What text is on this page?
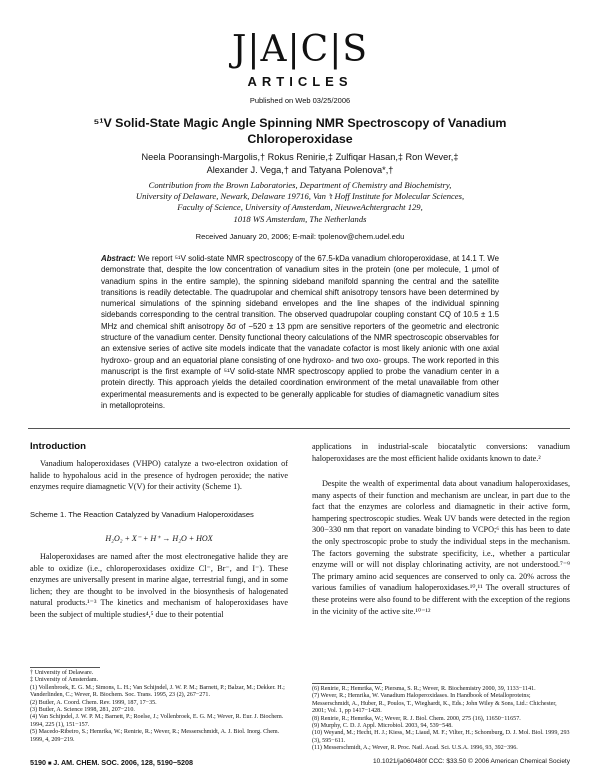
J|A|C|S
ARTICLES
Published on Web 03/25/2006
⁵¹V Solid-State Magic Angle Spinning NMR Spectroscopy of Vanadium Chloroperoxidase
Neela Pooransingh-Margolis,† Rokus Renirie,‡ Zulfiqar Hasan,‡ Ron Wever,‡
Alexander J. Vega,† and Tatyana Polenova*,†
Contribution from the Brown Laboratories, Department of Chemistry and Biochemistry,
University of Delaware, Newark, Delaware 19716, Van ’t Hoff Institute for Molecular Sciences,
Faculty of Science, University of Amsterdam, NieuweAchtergracht 129,
1018 WS Amsterdam, The Netherlands
Received January 20, 2006; E-mail: tpolenov@chem.udel.edu
Abstract: We report ⁵¹V solid-state NMR spectroscopy of the 67.5-kDa vanadium chloroperoxidase, at 14.1 T. We demonstrate that, despite the low concentration of vanadium sites in the protein (one per molecule, 1 μmol of vanadium spins in the entire sample), the spinning sideband manifold spanning the central and the satellite transitions is readily detectable. The quadrupolar and chemical shift anisotropy tensors have been determined by numerical simulations of the spinning sideband envelopes and the line shapes of the individual spinning sidebands corresponding to the central transition. The observed quadrupolar coupling constant CQ of 10.5 ± 1.5 MHz and chemical shift anisotropy δσ of −520 ± 13 ppm are sensitive reporters of the geometric and electronic structure of the vanadium center. Density functional theory calculations of the NMR spectroscopic observables for an extensive series of active site models indicate that the vanadate cofactor is most likely anionic with one axial hydroxo- group and an equatorial plane consisting of one hydroxo- and two oxo- groups. The work reported in this manuscript is the first example of ⁵¹V solid-state NMR spectroscopy applied to probe the vanadium center in a protein directly. This approach yields the detailed coordination environment of the metal unavailable from other experimental measurements and is expected to be generally applicable for studies of diamagnetic vanadium sites in metalloproteins.
Introduction
Vanadium haloperoxidases (VHPO) catalyze a two-electron oxidation of halide to hypohalous acid in the presence of hydrogen peroxide; the native enzymes require diamagnetic V(V) for their activity (Scheme 1).
Scheme 1. The Reaction Catalyzed by Vanadium Haloperoxidases
H₂O₂ + X⁻ + H⁺ → H₂O + HOX
Haloperoxidases are named after the most electronegative halide they are able to oxidize (i.e., chloroperoxidases oxidize Cl⁻, Br⁻, and I⁻). These enzymes are universally present in marine algae, terrestrial fungi, and in some lichen; they are thought to be involved in the biosynthesis of halogenated natural products.¹⁻³ The kinetics and mechanism of haloperoxidases have been the subject of multiple studies⁴,⁵ due to their potential
applications in industrial-scale biocatalytic conversions: vanadium haloperoxidases are the most efficient halide oxidants known to date.²
Despite the wealth of experimental data about vanadium haloperoxidases, many aspects of their function and mechanism are unclear, in part due to the fact that the enzymes are colorless and diamagnetic in their active form, hampering spectroscopic studies. Weak UV bands were detected in the region 300−330 nm that report on vanadate binding to VCPO;⁶ this has been to date the only spectroscopic probe to study the individual steps in the mechanism. The factors governing the substrate specificity, i.e., whether a particular enzyme will or will not display chlorinating activity, are not understood.⁷⁻⁹ The primary amino acid sequences are conserved to only ca. 20% across the various families of vanadium haloperoxidases.¹⁰,¹¹ The overall structures of these proteins were also found to be different with the exception of the regions in the vicinity of the active site.¹⁰⁻¹²
† University of Delaware.
‡ University of Amsterdam.
(1) Vollenbroek, E. G. M.; Simons, L. H.; Van Schijndel, J. W. P. M.; Barnett, P.; Balzar, M.; Dekker. H.; Vanderlinden, C.; Wever, R. Biochem. Soc. Trans. 1995, 23 (2), 267−271.
(2) Butler, A. Coord. Chem. Rev. 1999, 187, 17−35.
(3) Butler, A. Science 1998, 281, 207−210.
(4) Van Schijndel, J. W. P. M.; Barnett, P.; Roelse, J.; Vollenbroek, E. G. M.; Wever, R. Eur. J. Biochem. 1994, 225 (1), 151−157.
(5) Macedo-Ribeiro, S.; Hemrika, W.; Renirie, R.; Wever, R.; Messerschmidt, A. J. Biol. Inorg. Chem. 1999, 4, 209−219.
(6) Renirie, R.; Hemrika, W.; Piersma, S. R.; Wever, R. Biochemistry 2000, 39, 1133−1141.
(7) Wever, R.; Hemrika, W. Vanadium Haloperoxidases. In Handbook of Metalloproteins; Messerschmidt, A., Huber, R., Poulos, T., Wieghardt, K., Eds.; John Wiley & Sons, Ltd.: Chichester, 2001; Vol. 1, pp 1417−1428.
(8) Renirie, R.; Hemrika, W.; Wever, R. J. Biol. Chem. 2000, 275 (16), 11650−11657.
(9) Murphy, C. D. J. Appl. Microbiol. 2003, 94, 539−548.
(10) Weyand, M.; Hecht, H. J.; Kiess, M.; Liaud, M. F.; Vilter, H.; Schomburg, D. J. Mol. Biol. 1999, 293 (3), 595−611.
(11) Messerschmidt, A.; Wever, R. Proc. Natl. Acad. Sci. U.S.A. 1996, 93, 392−396.
5190 ■ J. AM. CHEM. SOC. 2006, 128, 5190−5208	10.1021/ja060480f CCC: $33.50 © 2006 American Chemical Society
